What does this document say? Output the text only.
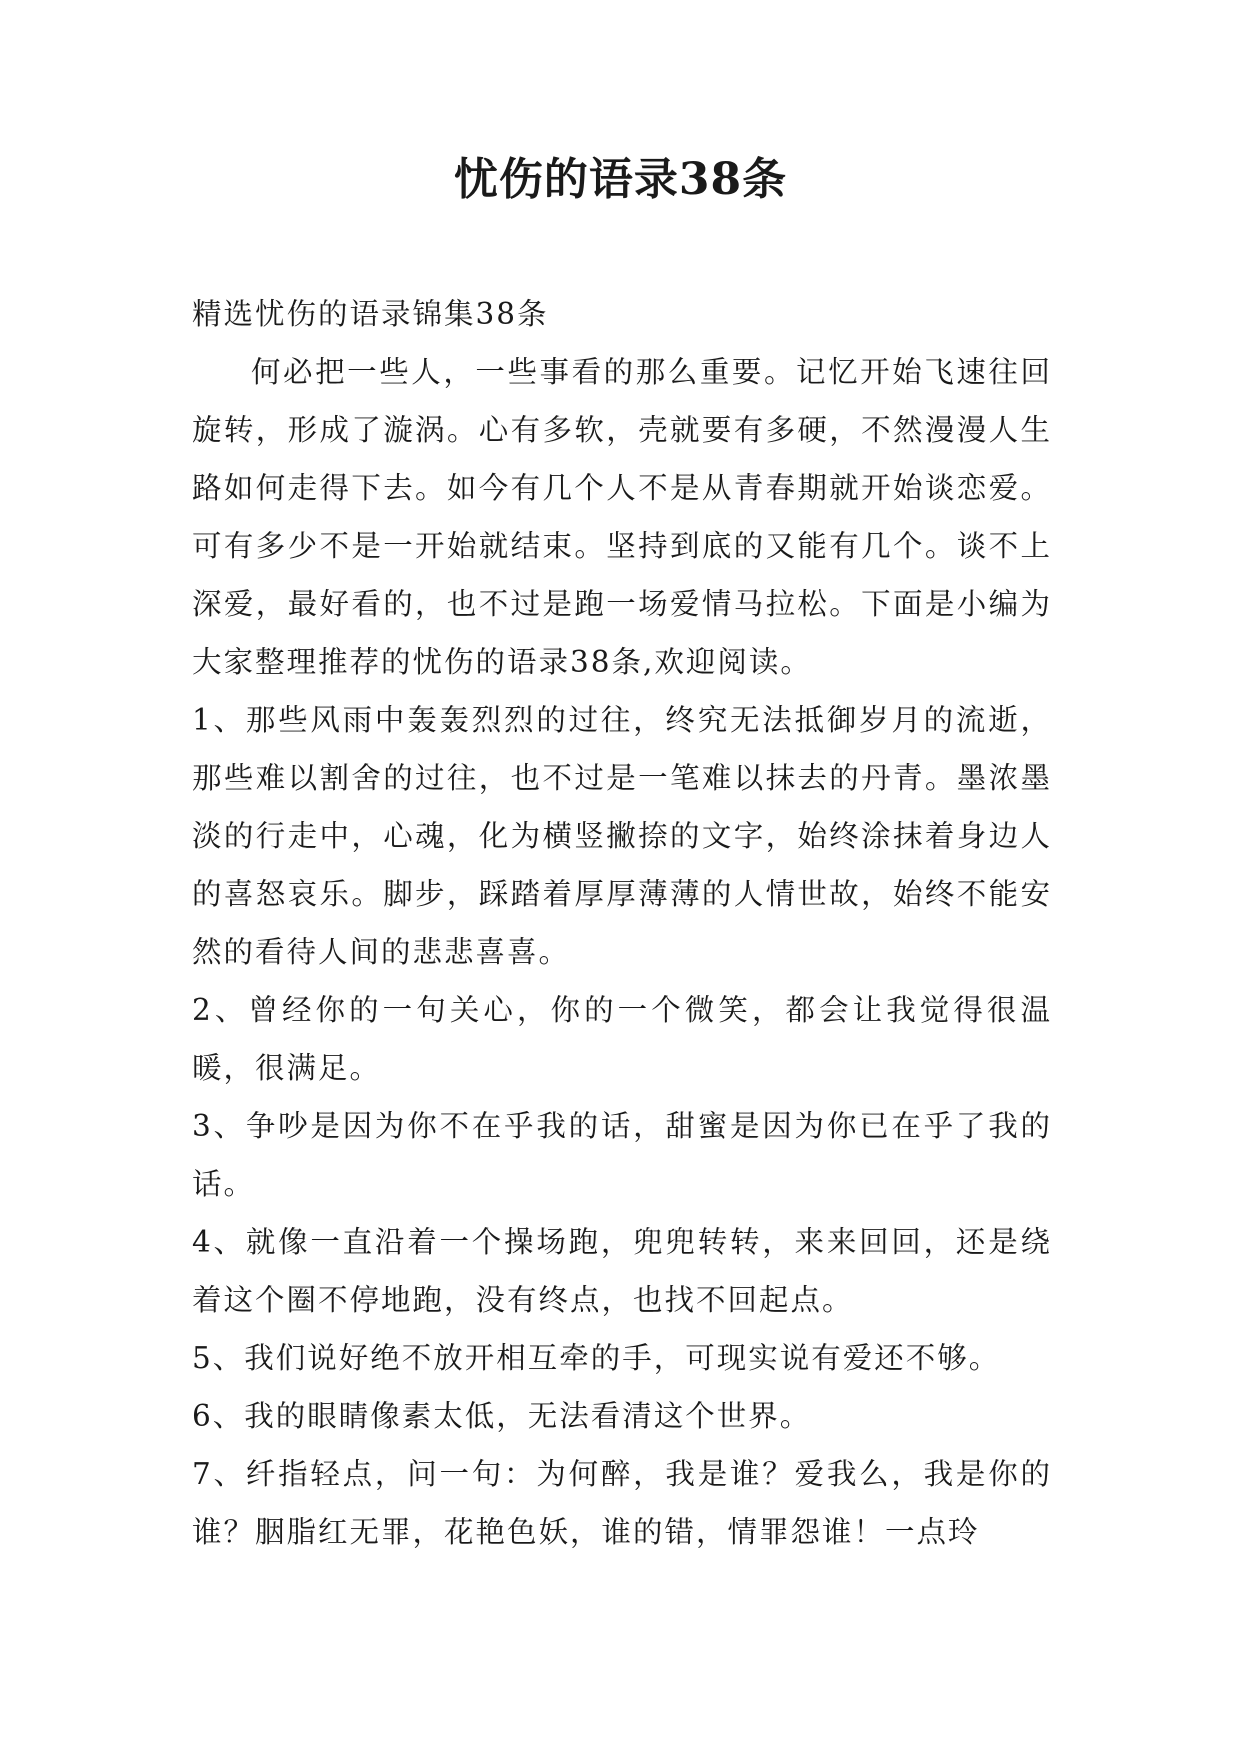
忧伤的语录38条

精选忧伤的语录锦集38条

何必把一些人，一些事看的那么重要。记忆开始飞速往回旋转，形成了漩涡。心有多软，壳就要有多硬，不然漫漫人生路如何走得下去。如今有几个人不是从青春期就开始谈恋爱。可有多少不是一开始就结束。坚持到底的又能有几个。谈不上深爱，最好看的，也不过是跑一场爱情马拉松。下面是小编为大家整理推荐的忧伤的语录38条,欢迎阅读。

1、那些风雨中轰轰烈烈的过往，终究无法抵御岁月的流逝，那些难以割舍的过往，也不过是一笔难以抹去的丹青。墨浓墨淡的行走中，心魂，化为横竖撇捺的文字，始终涂抹着身边人的喜怒哀乐。脚步，踩踏着厚厚薄薄的人情世故，始终不能安然的看待人间的悲悲喜喜。

2、曾经你的一句关心，你的一个微笑，都会让我觉得很温暖，很满足。

3、争吵是因为你不在乎我的话，甜蜜是因为你已在乎了我的话。

4、就像一直沿着一个操场跑，兜兜转转，来来回回，还是绕着这个圈不停地跑，没有终点，也找不回起点。

5、我们说好绝不放开相互牵的手，可现实说有爱还不够。

6、我的眼睛像素太低，无法看清这个世界。

7、纤指轻点，问一句：为何醉，我是谁？爱我么，我是你的谁？胭脂红无罪，花艳色妖，谁的错，情罪怨谁！一点玲
